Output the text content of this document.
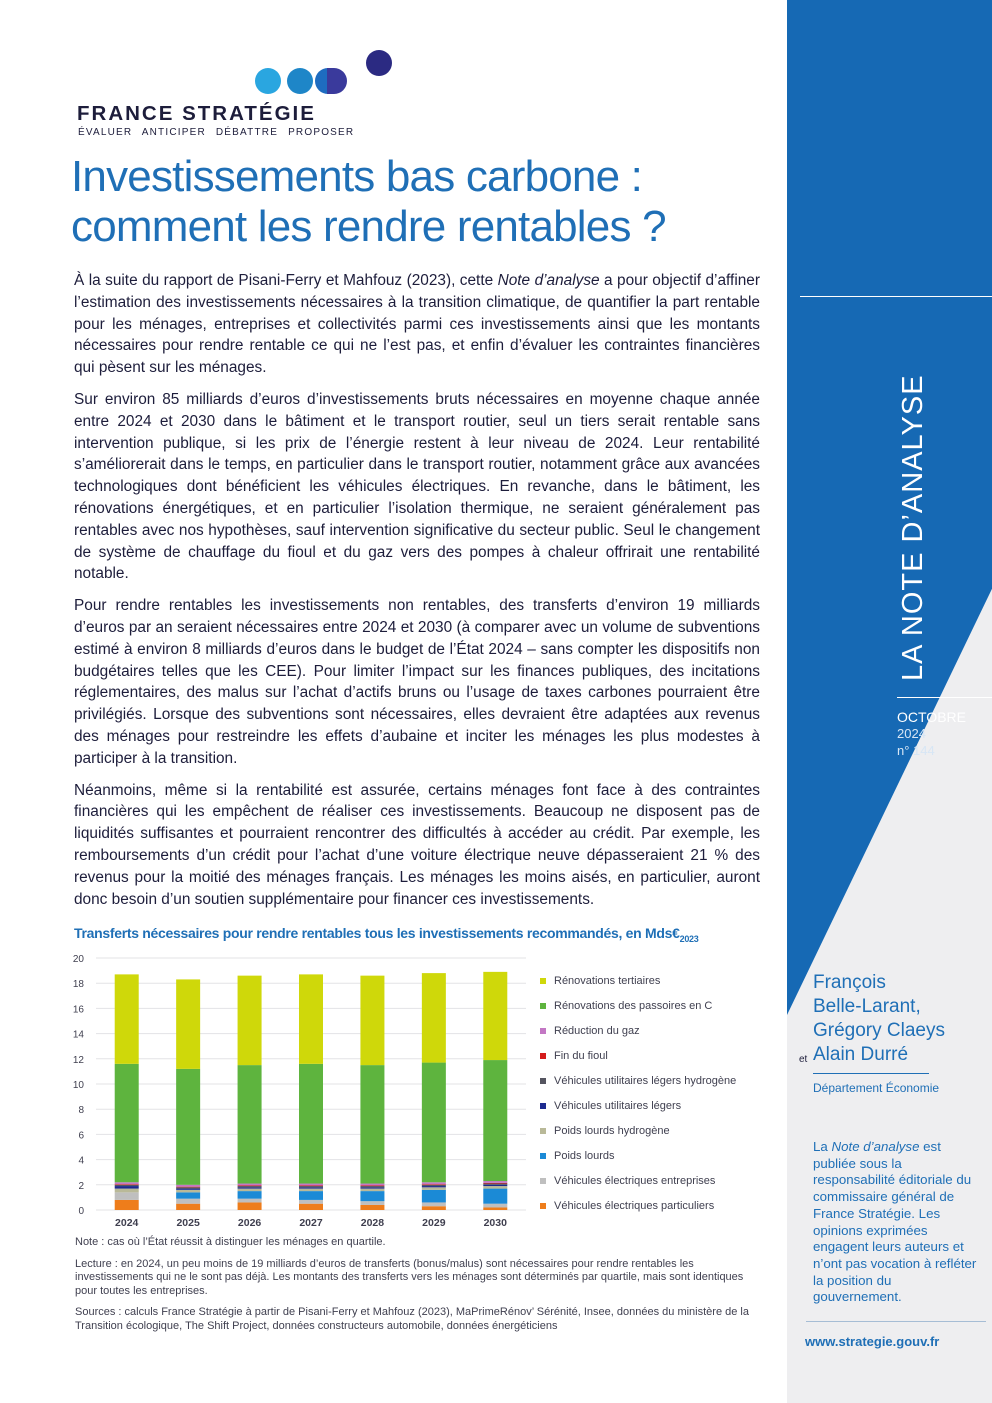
LA NOTE D’ANALYSE
OCTOBRE
2024
n° 144
FRANCE STRATÉGIE
ÉVALUER ANTICIPER DÉBATTRE PROPOSER
Investissements bas carbone :
comment les rendre rentables ?

À la suite du rapport de Pisani-Ferry et Mahfouz (2023), cette Note d’analyse a pour objectif d’affiner l’estimation des investissements nécessaires à la transition climatique, de quantifier la part rentable pour les ménages, entreprises et collectivités parmi ces investissements ainsi que les montants nécessaires pour rendre rentable ce qui ne l’est pas, et enfin d’évaluer les contraintes financières qui pèsent sur les ménages.

Sur environ 85 milliards d’euros d’investissements bruts nécessaires en moyenne chaque année entre 2024 et 2030 dans le bâtiment et le transport routier, seul un tiers serait rentable sans intervention publique, si les prix de l’énergie restent à leur niveau de 2024. Leur rentabilité s’améliorerait dans le temps, en particulier dans le transport routier, notamment grâce aux avancées technologiques dont bénéficient les véhicules électriques. En revanche, dans le bâtiment, les rénovations énergétiques, et en particulier l’isolation thermique, ne seraient généralement pas rentables avec nos hypothèses, sauf intervention significative du secteur public. Seul le changement de système de chauffage du fioul et du gaz vers des pompes à chaleur offrirait une rentabilité notable.

Pour rendre rentables les investissements non rentables, des transferts d’environ 19 milliards d’euros par an seraient nécessaires entre 2024 et 2030 (à comparer avec un volume de subventions estimé à environ 8 milliards d’euros dans le budget de l’État 2024 – sans compter les dispositifs non budgétaires telles que les CEE). Pour limiter l’impact sur les finances publiques, des incitations réglementaires, des malus sur l’achat d’actifs bruns ou l’usage de taxes carbones pourraient être privilégiés. Lorsque des subventions sont nécessaires, elles devraient être adaptées aux revenus des ménages pour restreindre les effets d’aubaine et inciter les ménages les plus modestes à participer à la transition.

Néanmoins, même si la rentabilité est assurée, certains ménages font face à des contraintes financières qui les empêchent de réaliser ces investissements. Beaucoup ne disposent pas de liquidités suffisantes et pourraient rencontrer des difficultés à accéder au crédit. Par exemple, les remboursements d’un crédit pour l’achat d’une voiture électrique neuve dépasseraient 21 % des revenus pour la moitié des ménages français. Les ménages les moins aisés, en particulier, auront donc besoin d’un soutien supplémentaire pour financer ces investissements.

Transferts nécessaires pour rendre rentables tous les investissements recommandés, en $Mds€_{2023}$
0
2
4
6
8
10
12
14
16
18
20
2024	2025	2026	2027	2028	2029	2030
Rénovations tertiaires
Rénovations des passoires en C
Réduction du gaz
Fin du fioul
Véhicules utilitaires légers hydrogène
Véhicules utilitaires légers
Poids lourds hydrogène
Poids lourds
Véhicules électriques entreprises
Véhicules électriques particuliers

Note : cas où l’État réussit à distinguer les ménages en quartile.

Lecture : en 2024, un peu moins de 19 milliards d’euros de transferts (bonus/malus) sont nécessaires pour rendre rentables les investissements qui ne le sont pas déjà. Les montants des transferts vers les ménages sont déterminés par quartile, mais sont identiques pour toutes les entreprises.

Sources : calculs France Stratégie à partir de Pisani-Ferry et Mahfouz (2023), MaPrimeRénov’ Sérénité, Insee, données du ministère de la Transition écologique, The Shift Project, données constructeurs automobile, données énergéticiens

François
Belle-Larant,
Grégory Claeys
Alain Durré
et
Département Économie
La Note d’analyse est publiée sous la responsabilité éditoriale du commissaire général de France Stratégie. Les opinions exprimées engagent leurs auteurs et n’ont pas vocation à refléter la position du gouvernement.
www.strategie.gouv.fr
